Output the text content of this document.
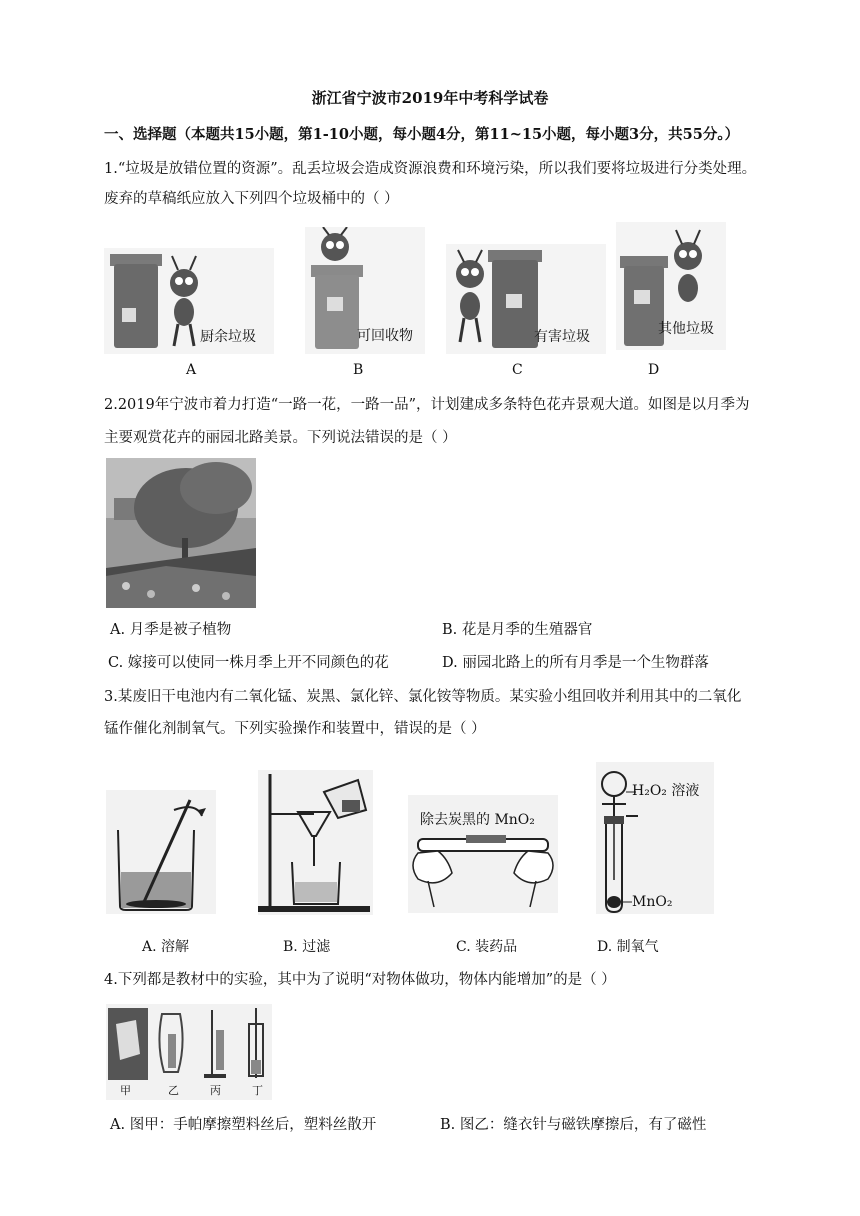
浙江省宁波市2019年中考科学试卷
一、选择题（本题共15小题，第1-10小题，每小题4分，第11~15小题，每小题3分，共55分。）
1.“垃圾是放错位置的资源”。乱丢垃圾会造成资源浪费和环境污染，所以我们要将垃圾进行分类处理。
废弃的草稿纸应放入下列四个垃圾桶中的（ ）
厨余垃圾	可回收物	有害垃圾	其他垃圾
A	B	C	D
2.2019年宁波市着力打造“一路一花，一路一品”，计划建成多条特色花卉景观大道。如图是以月季为
主要观赏花卉的丽园北路美景。下列说法错误的是（ ）
A. 月季是被子植物	B. 花是月季的生殖器官
C. 嫁接可以使同一株月季上开不同颜色的花	D. 丽园北路上的所有月季是一个生物群落
3.某废旧干电池内有二氧化锰、炭黑、氯化锌、氯化铵等物质。某实验小组回收并利用其中的二氧化
锰作催化剂制氧气。下列实验操作和装置中，错误的是（ ）
除去炭黑的 MnO₂
H₂O₂ 溶液
MnO₂
A. 溶解	B. 过滤	C. 装药品	D. 制氧气
4.下列都是教材中的实验，其中为了说明“对物体做功，物体内能增加”的是（ ）
甲	乙	丙	丁
A. 图甲：手帕摩擦塑料丝后，塑料丝散开	B. 图乙：缝衣针与磁铁摩擦后，有了磁性
